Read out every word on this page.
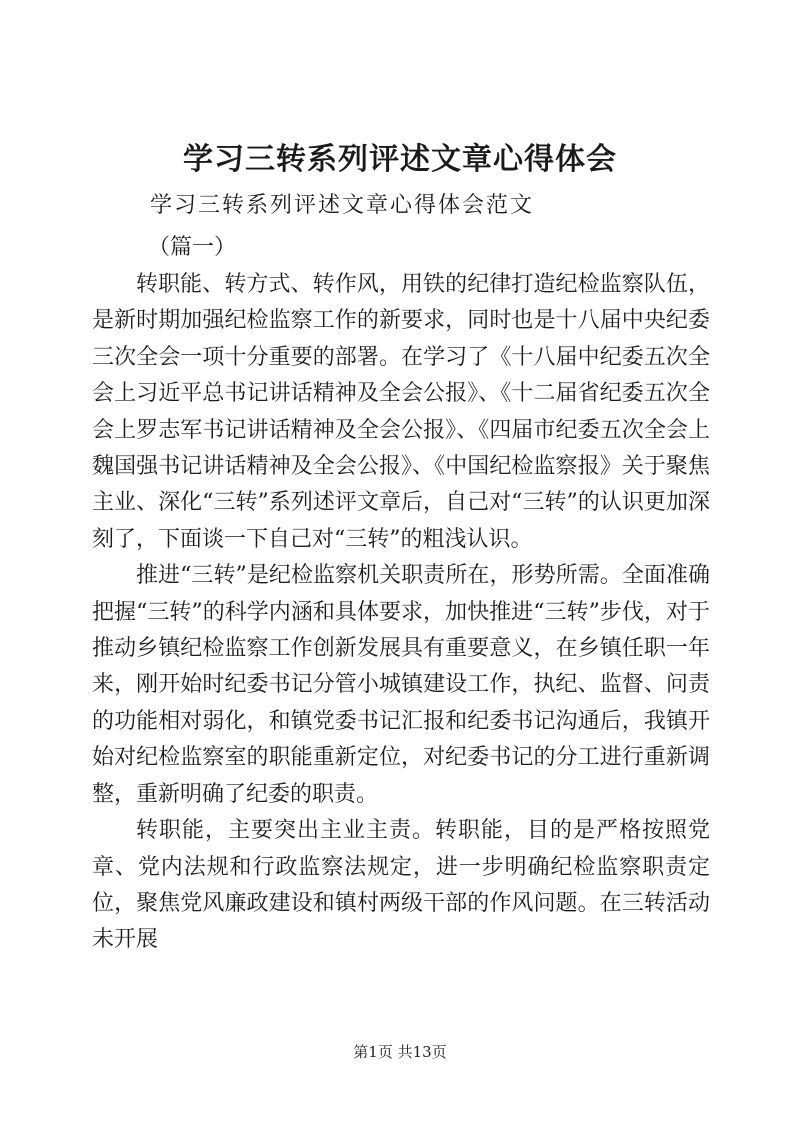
学习三转系列评述文章心得体会
学习三转系列评述文章心得体会范文
（篇一）

转职能、转方式、转作风，用铁的纪律打造纪检监察队伍，是新时期加强纪检监察工作的新要求，同时也是十八届中央纪委三次全会一项十分重要的部署。在学习了《十八届中纪委五次全会上习近平总书记讲话精神及全会公报》、《十二届省纪委五次全会上罗志军书记讲话精神及全会公报》、《四届市纪委五次全会上魏国强书记讲话精神及全会公报》、《中国纪检监察报》关于聚焦主业、深化“三转”系列述评文章后，自己对“三转”的认识更加深刻了，下面谈一下自己对“三转”的粗浅认识。

推进“三转”是纪检监察机关职责所在，形势所需。全面准确把握“三转”的科学内涵和具体要求，加快推进“三转”步伐，对于推动乡镇纪检监察工作创新发展具有重要意义，在乡镇任职一年来，刚开始时纪委书记分管小城镇建设工作，执纪、监督、问责的功能相对弱化，和镇党委书记汇报和纪委书记沟通后，我镇开始对纪检监察室的职能重新定位，对纪委书记的分工进行重新调整，重新明确了纪委的职责。

转职能，主要突出主业主责。转职能，目的是严格按照党章、党内法规和行政监察法规定，进一步明确纪检监察职责定位，聚焦党风廉政建设和镇村两级干部的作风问题。在三转活动未开展

第1页 共13页
